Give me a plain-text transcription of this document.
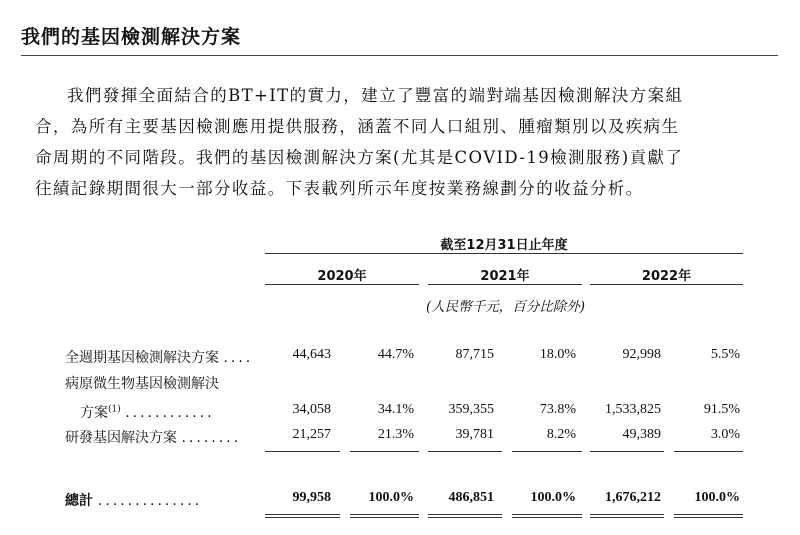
我們的基因檢測解決方案
我們發揮全面結合的BT+IT的實力，建立了豐富的端對端基因檢測解決方案組
合，為所有主要基因檢測應用提供服務，涵蓋不同人口組別、腫瘤類別以及疾病生
命周期的不同階段。我們的基因檢測解決方案(尤其是COVID-19檢測服務)貢獻了
往績記錄期間很大一部分收益。下表載列所示年度按業務線劃分的收益分析。
截至12月31日止年度
2020年	2021年	2022年
(人民幣千元，百分比除外)
全週期基因檢測解決方案 ....	44,643	44.7%	87,715	18.0%	92,998	5.5%
病原微生物基因檢測解決
方案$^{(1)}$ ............	34,058	34.1% 359,355	73.8% 1,533,825	91.5%
研發基因解決方案 ........	21,257	21.3%	39,781	8.2%	49,389	3.0%
總計 ..............	99,958	100.0% 486,851	100.0% 1,676,212 100.0%
